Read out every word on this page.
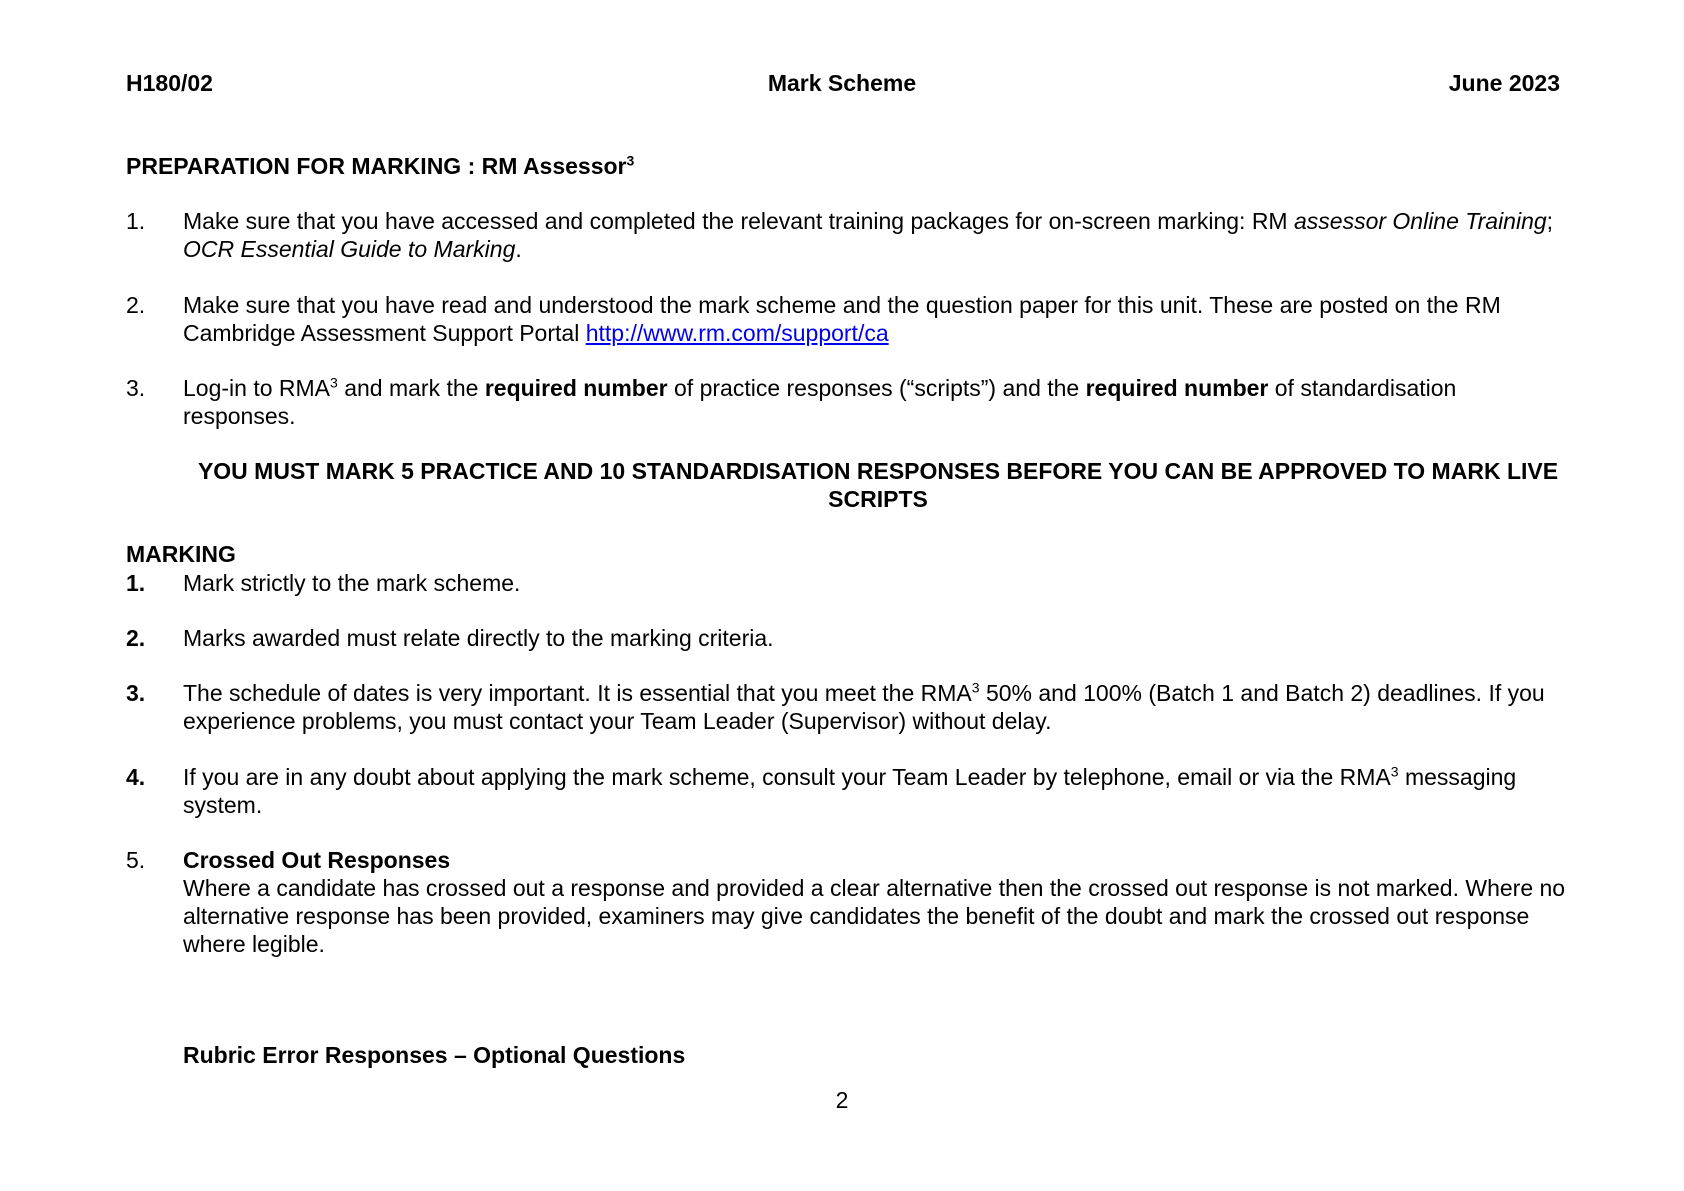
H180/02	Mark Scheme	June 2023
PREPARATION FOR MARKING : RM Assessor$^3$
1. Make sure that you have accessed and completed the relevant training packages for on-screen marking: RM assessor Online Training; OCR Essential Guide to Marking.
2. Make sure that you have read and understood the mark scheme and the question paper for this unit. These are posted on the RM Cambridge Assessment Support Portal http://www.rm.com/support/ca
3. Log-in to RMA$^3$ and mark the required number of practice responses (“scripts”) and the required number of standardisation responses.
YOU MUST MARK 5 PRACTICE AND 10 STANDARDISATION RESPONSES BEFORE YOU CAN BE APPROVED TO MARK LIVE SCRIPTS
MARKING
1. Mark strictly to the mark scheme.
2. Marks awarded must relate directly to the marking criteria.
3. The schedule of dates is very important. It is essential that you meet the RMA$^3$ 50% and 100% (Batch 1 and Batch 2) deadlines. If you experience problems, you must contact your Team Leader (Supervisor) without delay.
4. If you are in any doubt about applying the mark scheme, consult your Team Leader by telephone, email or via the RMA$^3$ messaging system.
5. Crossed Out Responses
Where a candidate has crossed out a response and provided a clear alternative then the crossed out response is not marked. Where no alternative response has been provided, examiners may give candidates the benefit of the doubt and mark the crossed out response where legible.
Rubric Error Responses – Optional Questions
2
